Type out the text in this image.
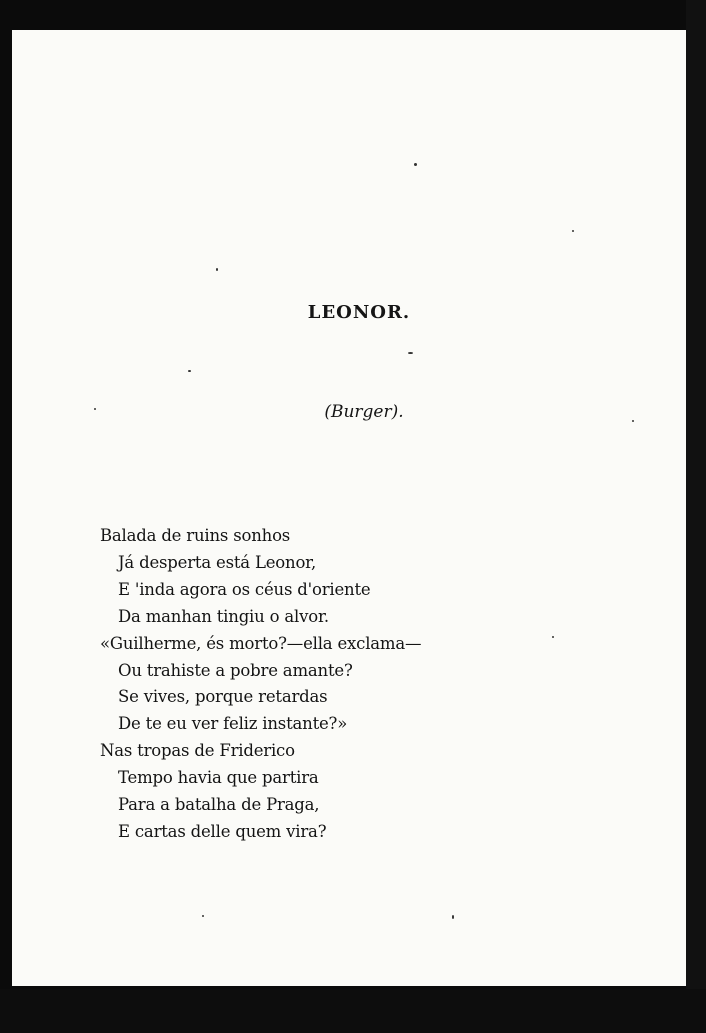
LEONOR.

(Burger).

Balada de ruins sonhos
Já desperta está Leonor,
E 'inda agora os céus d'oriente
Da manhan tingiu o alvor.
«Guilherme, és morto?—ella exclama—
Ou trahiste a pobre amante?
Se vives, porque retardas
De te eu ver feliz instante?»
Nas tropas de Friderico
Tempo havia que partira
Para a batalha de Praga,
E cartas delle quem vira?
